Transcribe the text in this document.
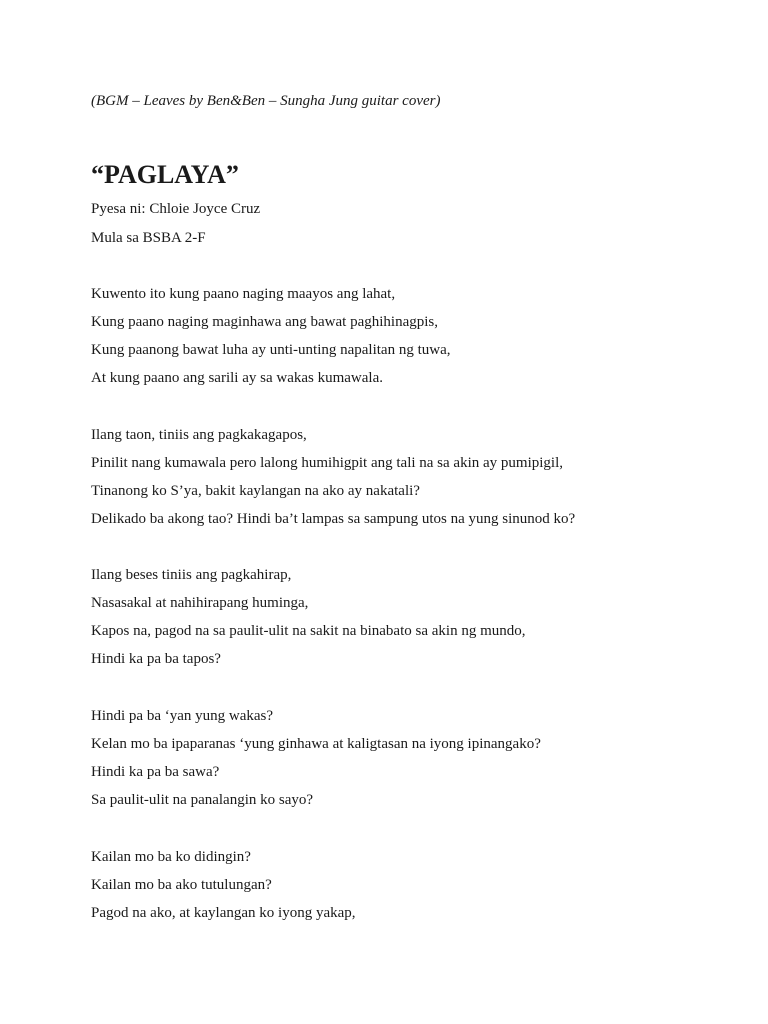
(BGM – Leaves by Ben&Ben – Sungha Jung guitar cover)
“PAGLAYA”
Pyesa ni: Chloie Joyce Cruz
Mula sa BSBA 2-F
Kuwento ito kung paano naging maayos ang lahat,
Kung paano naging maginhawa ang bawat paghihinagpis,
Kung paanong bawat luha ay unti-unting napalitan ng tuwa,
At kung paano ang sarili ay sa wakas kumawala.
Ilang taon, tiniis ang pagkakagapos,
Pinilit nang kumawala pero lalong humihigpit ang tali na sa akin ay pumipigil,
Tinanong ko S’ya, bakit kaylangan na ako ay nakatali?
Delikado ba akong tao? Hindi ba’t lampas sa sampung utos na yung sinunod ko?
Ilang beses tiniis ang pagkahirap,
Nasasakal at nahihirapang huminga,
Kapos na, pagod na sa paulit-ulit na sakit na binabato sa akin ng mundo,
Hindi ka pa ba tapos?
Hindi pa ba ‘yan yung wakas?
Kelan mo ba ipaparanas ‘yung ginhawa at kaligtasan na iyong ipinangako?
Hindi ka pa ba sawa?
Sa paulit-ulit na panalangin ko sayo?
Kailan mo ba ko didingin?
Kailan mo ba ako tutulungan?
Pagod na ako, at kaylangan ko iyong yakap,
